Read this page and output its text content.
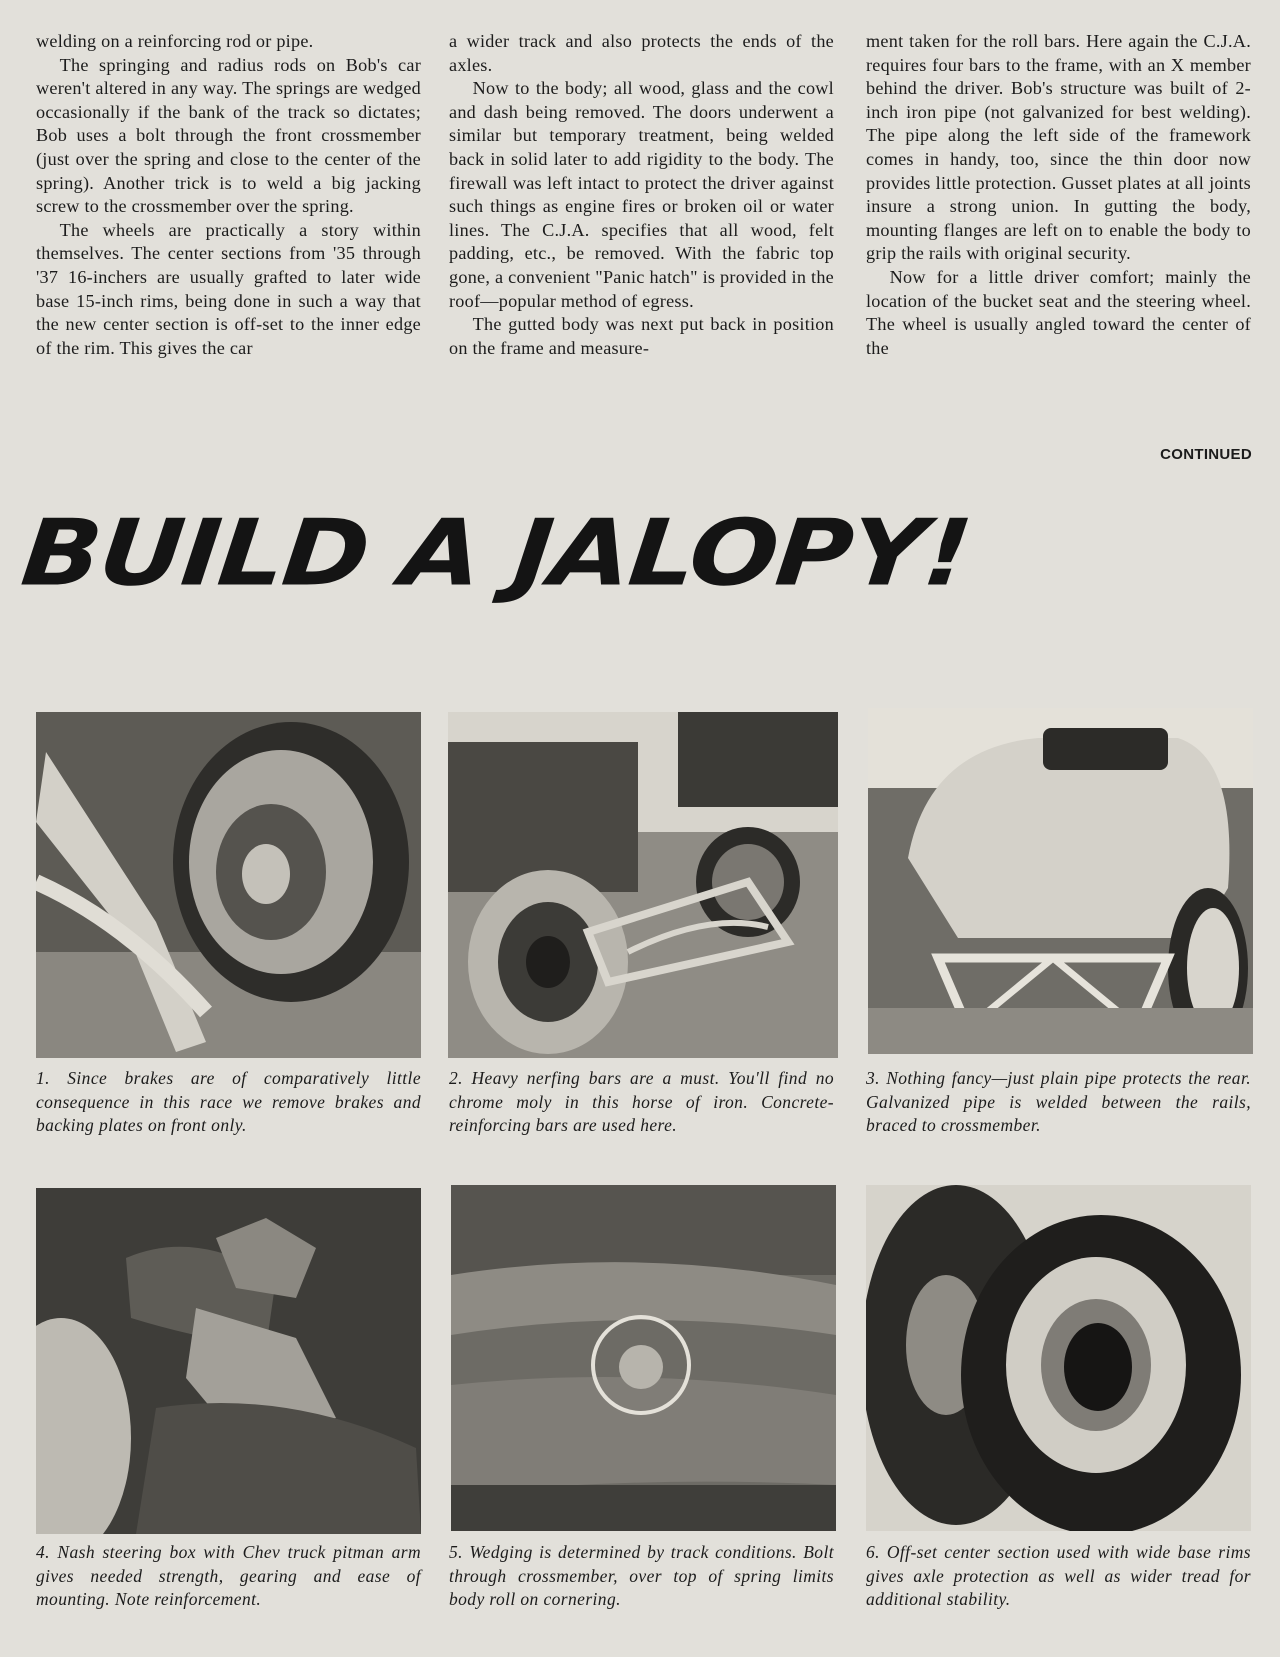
welding on a reinforcing rod or pipe.

The springing and radius rods on Bob's car weren't altered in any way. The springs are wedged occasionally if the bank of the track so dictates; Bob uses a bolt through the front crossmember (just over the spring and close to the center of the spring). Another trick is to weld a big jacking screw to the crossmember over the spring.

The wheels are practically a story within themselves. The center sections from '35 through '37 16-inchers are usually grafted to later wide base 15-inch rims, being done in such a way that the new center section is off-set to the inner edge of the rim. This gives the car

a wider track and also protects the ends of the axles.

Now to the body; all wood, glass and the cowl and dash being removed. The doors underwent a similar but temporary treatment, being welded back in solid later to add rigidity to the body. The firewall was left intact to protect the driver against such things as engine fires or broken oil or water lines. The C.J.A. specifies that all wood, felt padding, etc., be removed. With the fabric top gone, a convenient "Panic hatch" is provided in the roof—popular method of egress.

The gutted body was next put back in position on the frame and measure-

ment taken for the roll bars. Here again the C.J.A. requires four bars to the frame, with an X member behind the driver. Bob's structure was built of 2-inch iron pipe (not galvanized for best welding). The pipe along the left side of the framework comes in handy, too, since the thin door now provides little protection. Gusset plates at all joints insure a strong union. In gutting the body, mounting flanges are left on to enable the body to grip the rails with original security.

Now for a little driver comfort; mainly the location of the bucket seat and the steering wheel. The wheel is usually angled toward the center of the

CONTINUED
BUILD A JALOPY!
1. Since brakes are of comparatively little consequence in this race we remove brakes and backing plates on front only.
2. Heavy nerfing bars are a must. You'll find no chrome moly in this horse of iron. Concrete-reinforcing bars are used here.
3. Nothing fancy—just plain pipe protects the rear. Galvanized pipe is welded between the rails, braced to crossmember.
4. Nash steering box with Chev truck pitman arm gives needed strength, gearing and ease of mounting. Note reinforcement.
5. Wedging is determined by track conditions. Bolt through crossmember, over top of spring limits body roll on cornering.
6. Off-set center section used with wide base rims gives axle protection as well as wider tread for additional stability.
